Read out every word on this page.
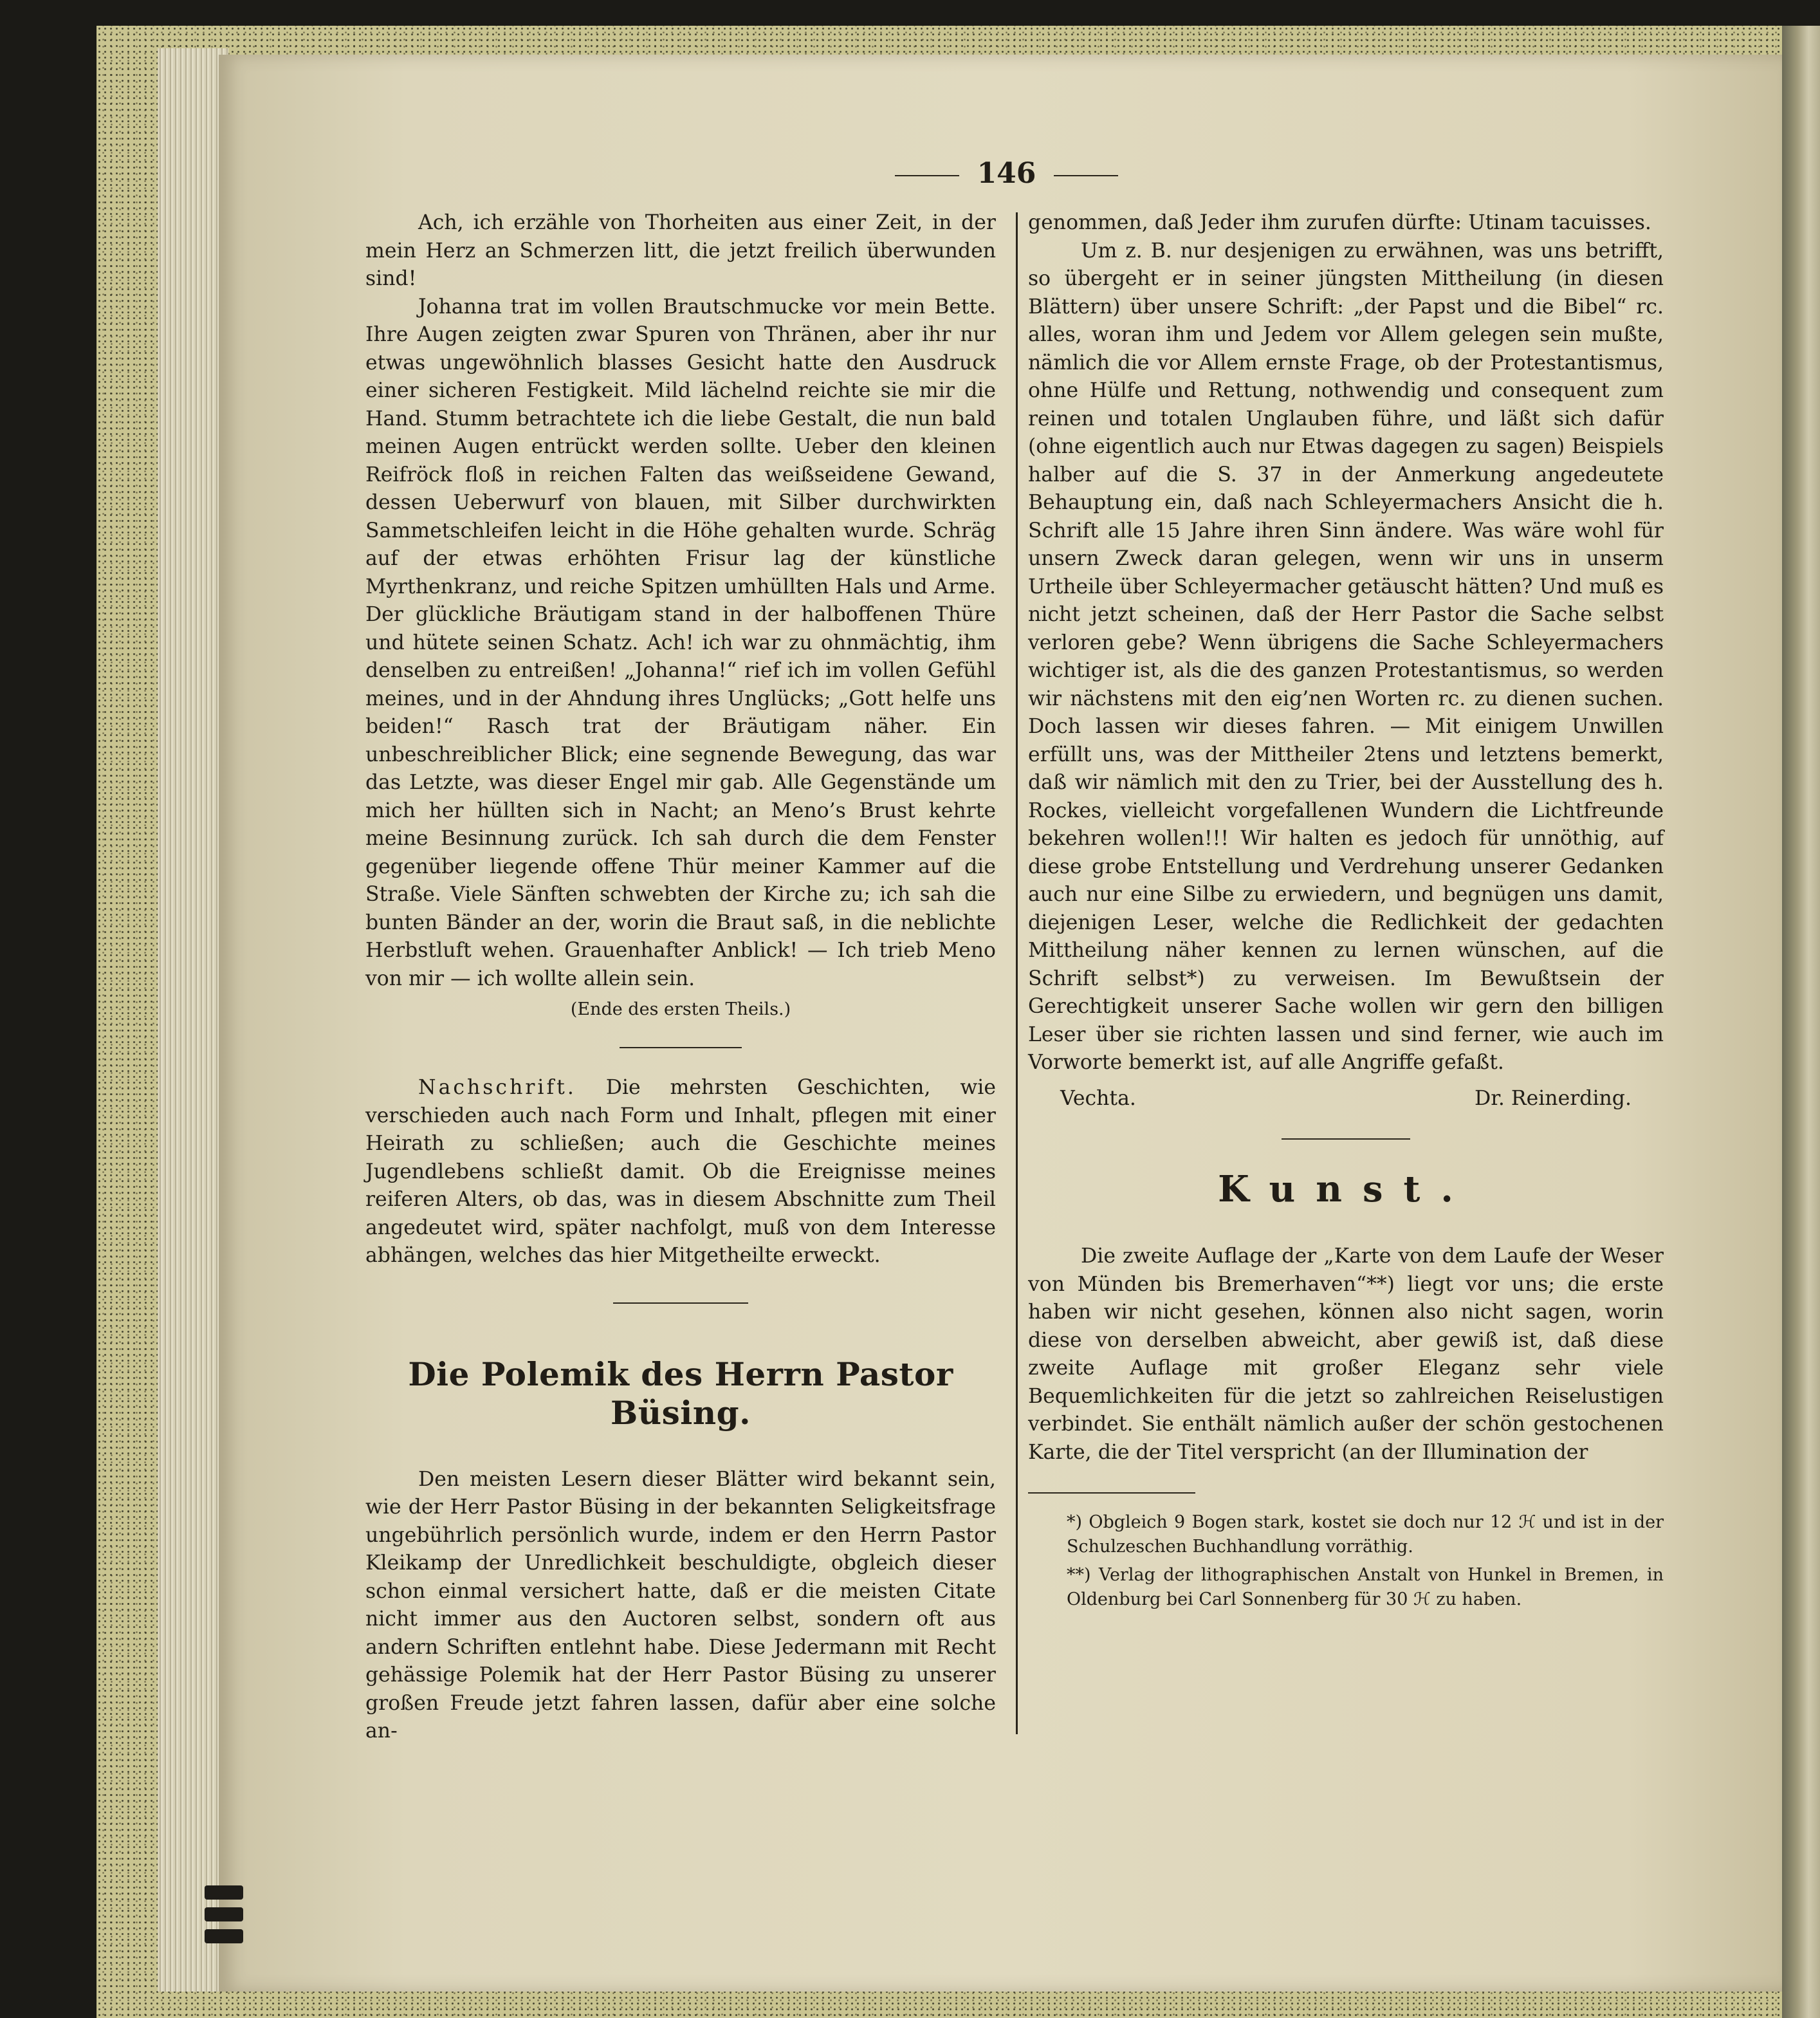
146

Ach, ich erzähle von Thorheiten aus einer Zeit, in der mein Herz an Schmerzen litt, die jetzt freilich überwunden sind!

Johanna trat im vollen Brautschmucke vor mein Bette. Ihre Augen zeigten zwar Spuren von Thränen, aber ihr nur etwas ungewöhnlich blasses Gesicht hatte den Ausdruck einer sicheren Festigkeit. Mild lächelnd reichte sie mir die Hand. Stumm betrachtete ich die liebe Gestalt, die nun bald meinen Augen entrückt werden sollte. Ueber den kleinen Reifröck floß in reichen Falten das weißseidene Gewand, dessen Ueberwurf von blauen, mit Silber durchwirkten Sammetschleifen leicht in die Höhe gehalten wurde. Schräg auf der etwas erhöhten Frisur lag der künstliche Myrthenkranz, und reiche Spitzen umhüllten Hals und Arme. Der glückliche Bräutigam stand in der halboffenen Thüre und hütete seinen Schatz. Ach! ich war zu ohnmächtig, ihm denselben zu entreißen! „Johanna!“ rief ich im vollen Gefühl meines, und in der Ahndung ihres Unglücks; „Gott helfe uns beiden!“ Rasch trat der Bräutigam näher. Ein unbeschreiblicher Blick; eine segnende Bewegung, das war das Letzte, was dieser Engel mir gab. Alle Gegenstände um mich her hüllten sich in Nacht; an Meno’s Brust kehrte meine Besinnung zurück. Ich sah durch die dem Fenster gegenüber liegende offene Thür meiner Kammer auf die Straße. Viele Sänften schwebten der Kirche zu; ich sah die bunten Bänder an der, worin die Braut saß, in die neblichte Herbstluft wehen. Grauenhafter Anblick! — Ich trieb Meno von mir — ich wollte allein sein.

(Ende des ersten Theils.)

Nachschrift. Die mehrsten Geschichten, wie verschieden auch nach Form und Inhalt, pflegen mit einer Heirath zu schließen; auch die Geschichte meines Jugendlebens schließt damit. Ob die Ereignisse meines reiferen Alters, ob das, was in diesem Abschnitte zum Theil angedeutet wird, später nachfolgt, muß von dem Interesse abhängen, welches das hier Mitgetheilte erweckt.

Die Polemik des Herrn Pastor Büsing.

Den meisten Lesern dieser Blätter wird bekannt sein, wie der Herr Pastor Büsing in der bekannten Seligkeitsfrage ungebührlich persönlich wurde, indem er den Herrn Pastor Kleikamp der Unredlichkeit beschuldigte, obgleich dieser schon einmal versichert hatte, daß er die meisten Citate nicht immer aus den Auctoren selbst, sondern oft aus andern Schriften entlehnt habe. Diese Jedermann mit Recht gehässige Polemik hat der Herr Pastor Büsing zu unserer großen Freude jetzt fahren lassen, dafür aber eine solche an-

genommen, daß Jeder ihm zurufen dürfte: Utinam tacuisses.

Um z. B. nur desjenigen zu erwähnen, was uns betrifft, so übergeht er in seiner jüngsten Mittheilung (in diesen Blättern) über unsere Schrift: „der Papst und die Bibel“ rc. alles, woran ihm und Jedem vor Allem gelegen sein mußte, nämlich die vor Allem ernste Frage, ob der Protestantismus, ohne Hülfe und Rettung, nothwendig und consequent zum reinen und totalen Unglauben führe, und läßt sich dafür (ohne eigentlich auch nur Etwas dagegen zu sagen) Beispiels halber auf die S. 37 in der Anmerkung angedeutete Behauptung ein, daß nach Schleyermachers Ansicht die h. Schrift alle 15 Jahre ihren Sinn ändere. Was wäre wohl für unsern Zweck daran gelegen, wenn wir uns in unserm Urtheile über Schleyermacher getäuscht hätten? Und muß es nicht jetzt scheinen, daß der Herr Pastor die Sache selbst verloren gebe? Wenn übrigens die Sache Schleyermachers wichtiger ist, als die des ganzen Protestantismus, so werden wir nächstens mit den eig’nen Worten rc. zu dienen suchen. Doch lassen wir dieses fahren. — Mit einigem Unwillen erfüllt uns, was der Mittheiler 2tens und letztens bemerkt, daß wir nämlich mit den zu Trier, bei der Ausstellung des h. Rockes, vielleicht vorgefallenen Wundern die Lichtfreunde bekehren wollen!!! Wir halten es jedoch für unnöthig, auf diese grobe Entstellung und Verdrehung unserer Gedanken auch nur eine Silbe zu erwiedern, und begnügen uns damit, diejenigen Leser, welche die Redlichkeit der gedachten Mittheilung näher kennen zu lernen wünschen, auf die Schrift selbst*) zu verweisen. Im Bewußtsein der Gerechtigkeit unserer Sache wollen wir gern den billigen Leser über sie richten lassen und sind ferner, wie auch im Vorworte bemerkt ist, auf alle Angriffe gefaßt.

Vechta.	Dr. Reinerding.

Kunst.

Die zweite Auflage der „Karte von dem Laufe der Weser von Münden bis Bremerhaven“**) liegt vor uns; die erste haben wir nicht gesehen, können also nicht sagen, worin diese von derselben abweicht, aber gewiß ist, daß diese zweite Auflage mit großer Eleganz sehr viele Bequemlichkeiten für die jetzt so zahlreichen Reiselustigen verbindet. Sie enthält nämlich außer der schön gestochenen Karte, die der Titel verspricht (an der Illumination der

*) Obgleich 9 Bogen stark, kostet sie doch nur 12 ℋ und ist in der Schulzeschen Buchhandlung vorräthig.

**) Verlag der lithographischen Anstalt von Hunkel in Bremen, in Oldenburg bei Carl Sonnenberg für 30 ℋ zu haben.
